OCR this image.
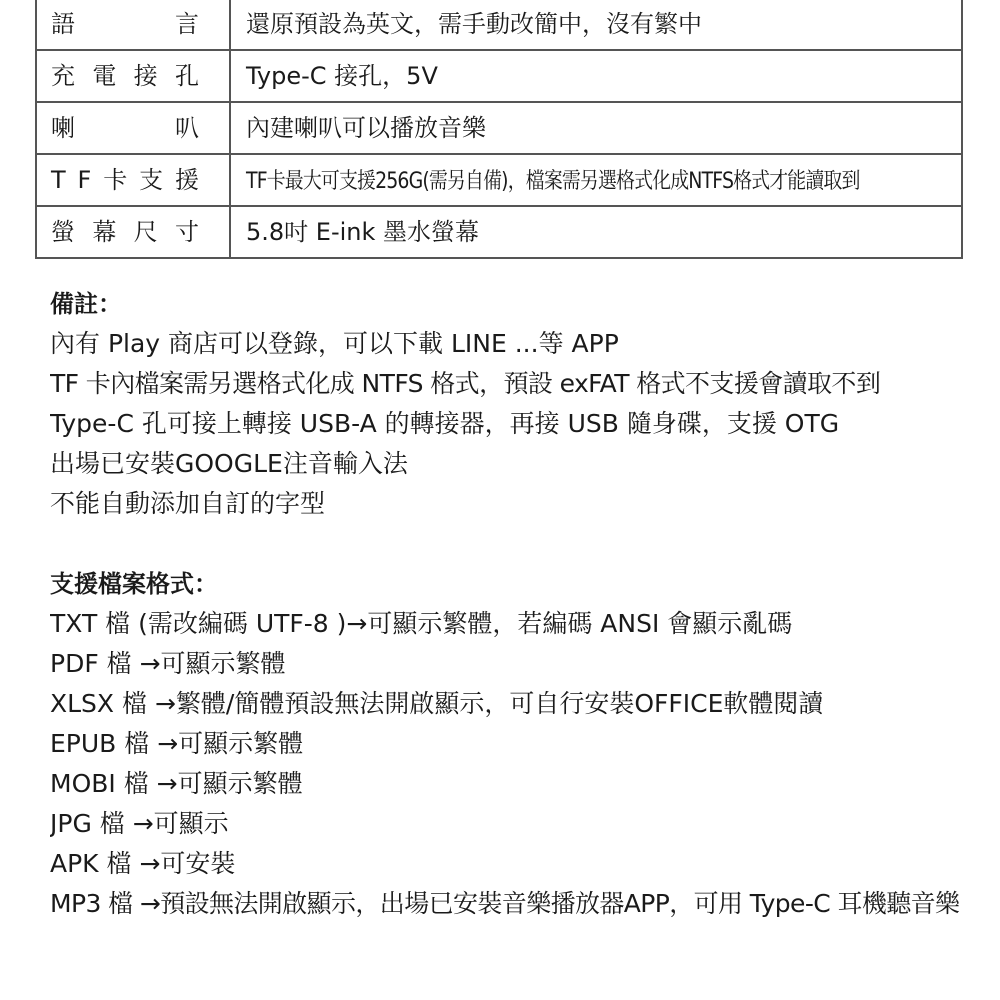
語 言	還原預設為英文，需手動改簡中，沒有繁中

充 電 接 孔	Type-C 接孔，5V

喇 叭	內建喇叭可以播放音樂

T F 卡 支 援	TF卡最大可支援256G(需另自備)，檔案需另選格式化成NTFS格式才能讀取到

螢 幕 尺 寸	5.8吋 E-ink 墨水螢幕
備註：
內有 Play 商店可以登錄，可以下載 LINE ...等 APP
TF 卡內檔案需另選格式化成 NTFS 格式，預設 exFAT 格式不支援會讀取不到
Type-C 孔可接上轉接 USB-A 的轉接器，再接 USB 隨身碟，支援 OTG
出場已安裝GOOGLE注音輸入法
不能自動添加自訂的字型
支援檔案格式：
TXT 檔 (需改編碼 UTF-8 )→可顯示繁體，若編碼 ANSI 會顯示亂碼
PDF 檔 →可顯示繁體
XLSX 檔 →繁體/簡體預設無法開啟顯示，可自行安裝OFFICE軟體閱讀
EPUB 檔 →可顯示繁體
MOBI 檔 →可顯示繁體
JPG 檔 →可顯示
APK 檔 →可安裝
MP3 檔 →預設無法開啟顯示，出場已安裝音樂播放器APP，可用 Type-C 耳機聽音樂
